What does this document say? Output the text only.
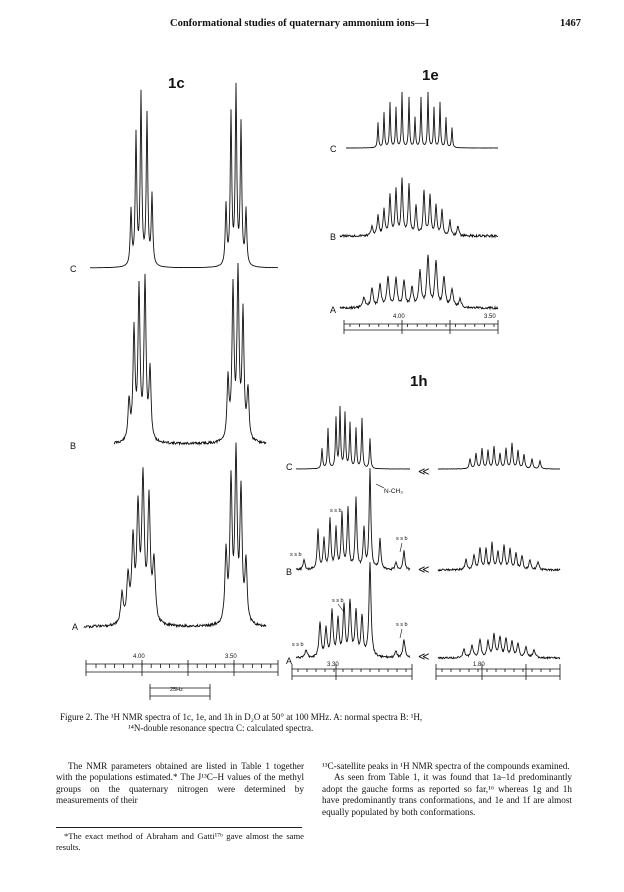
Conformational studies of quaternary ammonium ions—I	1467
1c	1e
1h
C
B
A
C
B
A
C
B
A
≪
≪
≪
N-CH₃
s s b
s s b
s s b
s s b
s s b
s s b
4.00	3.50
4.00	3.50
3.30	1.80
25Hz
Figure 2. The ¹H NMR spectra of 1c, 1e, and 1h in D₂O at 50° at 100 MHz. A: normal spectra B: ¹H,
¹⁴N-double resonance spectra C: calculated spectra.

The NMR parameters obtained are listed in Table 1 together with the populations estimated.* The J¹³C–H values of the methyl groups on the quaternary nitrogen were determined by measurements of their

¹³C-satellite peaks in ¹H NMR spectra of the compounds examined.

As seen from Table 1, it was found that 1a–1d predominantly adopt the gauche forms as reported so far,¹⁶ whereas 1g and 1h have predominantly trans conformations, and 1e and 1f are almost equally populated by both conformations.

*The exact method of Abraham and Gatti¹⁷ᵇ gave almost the same results.
